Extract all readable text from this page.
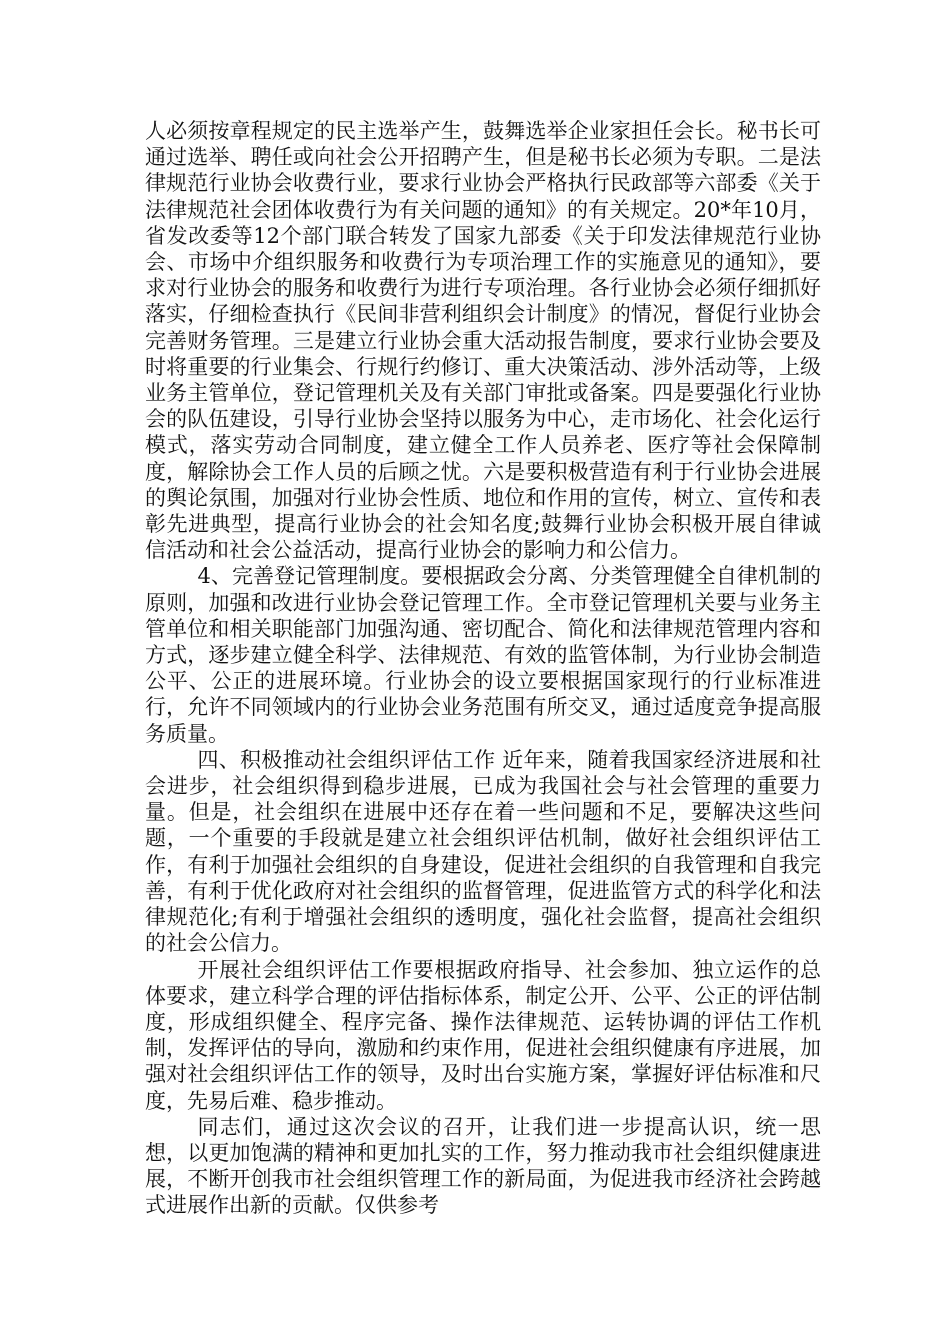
人必须按章程规定的民主选举产生，鼓舞选举企业家担任会长。秘书长可通过选举、聘任或向社会公开招聘产生，但是秘书长必须为专职。二是法律规范行业协会收费行业，要求行业协会严格执行民政部等六部委《关于法律规范社会团体收费行为有关问题的通知》的有关规定。20*年10月，省发改委等12个部门联合转发了国家九部委《关于印发法律规范行业协会、市场中介组织服务和收费行为专项治理工作的实施意见的通知》，要求对行业协会的服务和收费行为进行专项治理。各行业协会必须仔细抓好落实，仔细检查执行《民间非营利组织会计制度》的情况，督促行业协会完善财务管理。三是建立行业协会重大活动报告制度，要求行业协会要及时将重要的行业集会、行规行约修订、重大决策活动、涉外活动等，上级业务主管单位，登记管理机关及有关部门审批或备案。四是要强化行业协会的队伍建设，引导行业协会坚持以服务为中心，走市场化、社会化运行模式，落实劳动合同制度，建立健全工作人员养老、医疗等社会保障制度，解除协会工作人员的后顾之忧。六是要积极营造有利于行业协会进展的舆论氛围，加强对行业协会性质、地位和作用的宣传，树立、宣传和表彰先进典型，提高行业协会的社会知名度;鼓舞行业协会积极开展自律诚信活动和社会公益活动，提高行业协会的影响力和公信力。

4、完善登记管理制度。要根据政会分离、分类管理健全自律机制的原则，加强和改进行业协会登记管理工作。全市登记管理机关要与业务主管单位和相关职能部门加强沟通、密切配合、简化和法律规范管理内容和方式，逐步建立健全科学、法律规范、有效的监管体制，为行业协会制造公平、公正的进展环境。行业协会的设立要根据国家现行的行业标准进行，允许不同领域内的行业协会业务范围有所交叉，通过适度竞争提高服务质量。

四、积极推动社会组织评估工作 近年来，随着我国家经济进展和社会进步，社会组织得到稳步进展，已成为我国社会与社会管理的重要力量。但是，社会组织在进展中还存在着一些问题和不足，要解决这些问题，一个重要的手段就是建立社会组织评估机制，做好社会组织评估工作，有利于加强社会组织的自身建设，促进社会组织的自我管理和自我完善，有利于优化政府对社会组织的监督管理，促进监管方式的科学化和法律规范化;有利于增强社会组织的透明度，强化社会监督，提高社会组织的社会公信力。

开展社会组织评估工作要根据政府指导、社会参加、独立运作的总体要求，建立科学合理的评估指标体系，制定公开、公平、公正的评估制度，形成组织健全、程序完备、操作法律规范、运转协调的评估工作机制，发挥评估的导向，激励和约束作用，促进社会组织健康有序进展，加强对社会组织评估工作的领导，及时出台实施方案，掌握好评估标准和尺度，先易后难、稳步推动。

同志们，通过这次会议的召开，让我们进一步提高认识，统一思想，以更加饱满的精神和更加扎实的工作，努力推动我市社会组织健康进展，不断开创我市社会组织管理工作的新局面，为促进我市经济社会跨越式进展作出新的贡献。仅供参考
